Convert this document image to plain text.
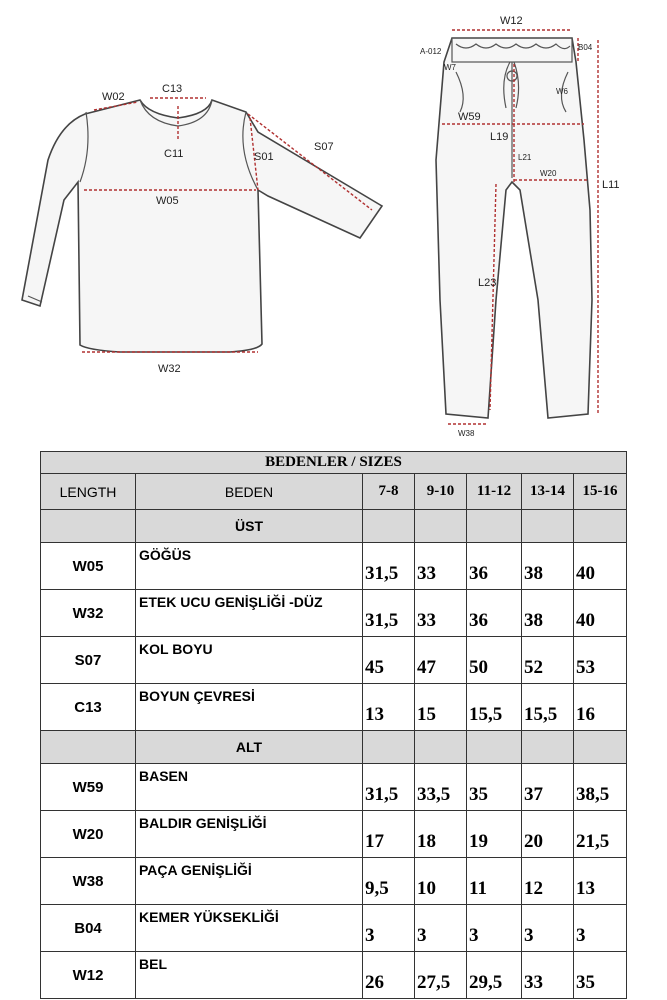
W02
C13
C11	S01
S07
W05
W32
W12
B04
A-012
W7
W6
W59
L19
L21
W20
L11
L23
W38
BEDENLER / SIZES						
LENGTH	BEDEN	7-8	9-10	11-12	13-14	15-16
	ÜST					
W05	GÖĞÜS	31,5	33	36	38	40
W32	ETEK UCU GENİŞLİĞİ -DÜZ	31,5	33	36	38	40
S07	KOL BOYU	45	47	50	52	53
C13	BOYUN ÇEVRESİ	13	15	15,5	15,5	16
	ALT					
W59	BASEN	31,5	33,5	35	37	38,5
W20	BALDIR GENİŞLİĞİ	17	18	19	20	21,5
W38	PAÇA GENİŞLİĞİ	9,5	10	11	12	13
B04	KEMER YÜKSEKLİĞİ	3	3	3	3	3
W12	BEL	26	27,5	29,5	33	35
